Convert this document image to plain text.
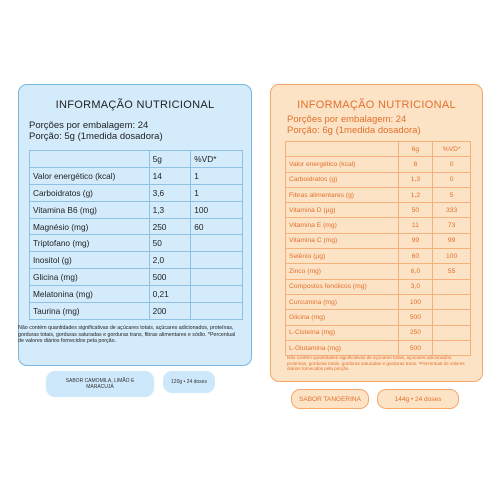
INFORMAÇÃO NUTRICIONAL
Porções por embalagem: 24
Porção: 5g (1medida dosadora)
	5g	%VD*
Valor energético (kcal)	14	1
Carboidratos (g)	3,6	1
Vitamina B6 (mg)	1,3	100
Magnésio (mg)	250	60
Triptofano (mg)	50	
Inositol (g)	2,0	
Glicina (mg)	500	
Melatonina (mg)	0,21	
Taurina (mg)	200	
Não contém quantidades significativas de açúcares totais, açúcares adicionados, proteínas, gorduras totais, gorduras saturadas e gorduras trans, fibras alimentares e sódio. *Percentual de valores diários fornecidos pela porção.
SABOR CAMOMILA, LIMÃO E MARACUJÁ
120g • 24 doses
INFORMAÇÃO NUTRICIONAL
Porções por embalagem: 24
Porção: 6g (1medida dosadora)
	6g	%VD*
Valor energético (kcal)	8	0
Carboidratos (g)	1,3	0
Fibras alimentares (g)	1,2	5
Vitamina D (µg)	50	333
Vitamina E (mg)	11	73
Vitamina C (mg)	99	99
Selênio (µg)	60	100
Zinco (mg)	6,0	55
Compostos fenólicos (mg)	3,0	
Curcumina (mg)	100	
Glicina (mg)	500	
L-Cisteína (mg)	250	
L-Glutamina (mg)	500	
Não contém quantidades significativas de açúcares totais, açúcares adicionados, proteínas, gorduras totais, gorduras saturadas e gorduras trans. *Percentual de valores diários fornecidos pela porção.
SABOR TANGERINA	144g • 24 doses
